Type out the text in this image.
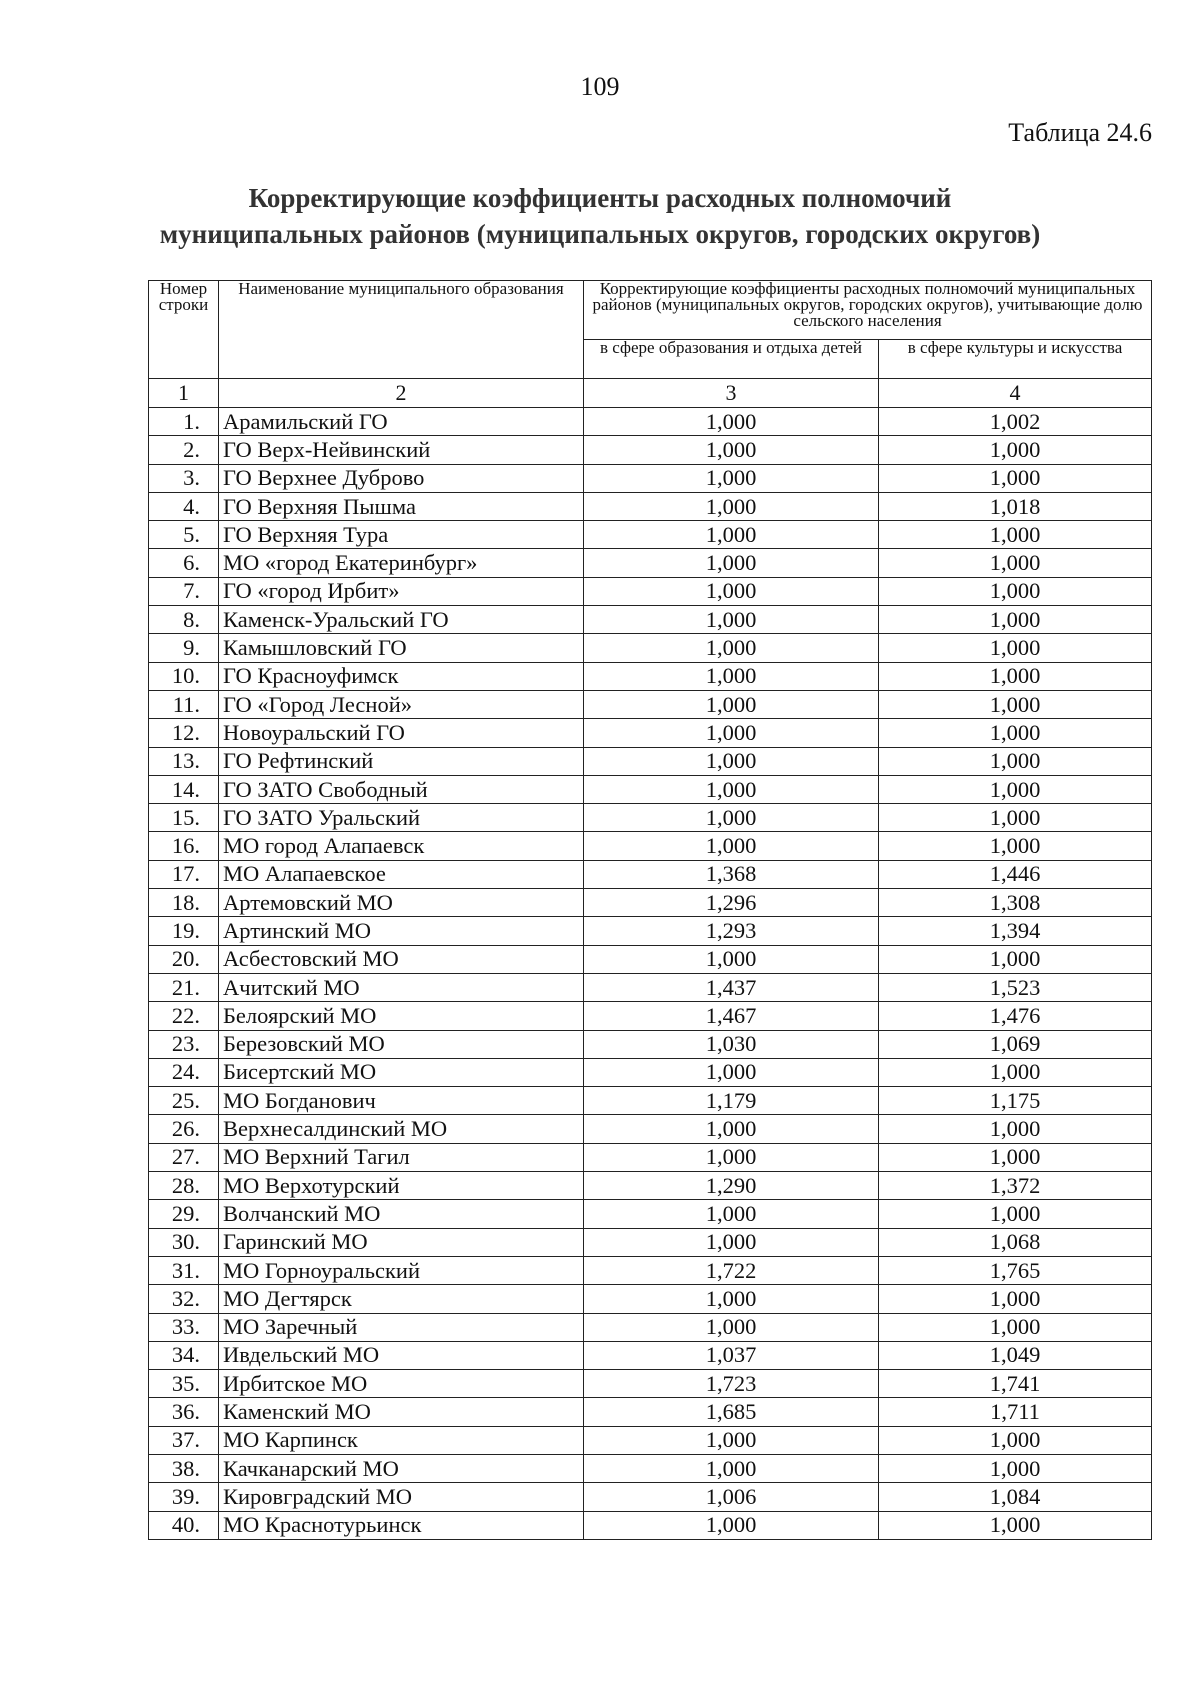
109
Таблица 24.6
Корректирующие коэффициенты расходных полномочий
муниципальных районов (муниципальных округов, городских округов)
Номер строки	Наименование муниципального образования	Корректирующие коэффициенты расходных полномочий муниципальных районов (муниципальных округов, городских округов), учитывающие долю сельского населения	
		в сфере образования и отдыха детей	в сфере культуры и искусства
1	2	3	4
1.	Арамильский ГО	1,000	1,002
2.	ГО Верх-Нейвинский	1,000	1,000
3.	ГО Верхнее Дуброво	1,000	1,000
4.	ГО Верхняя Пышма	1,000	1,018
5.	ГО Верхняя Тура	1,000	1,000
6.	МО «город Екатеринбург»	1,000	1,000
7.	ГО «город Ирбит»	1,000	1,000
8.	Каменск-Уральский ГО	1,000	1,000
9.	Камышловский ГО	1,000	1,000
10.	ГО Красноуфимск	1,000	1,000
11.	ГО «Город Лесной»	1,000	1,000
12.	Новоуральский ГО	1,000	1,000
13.	ГО Рефтинский	1,000	1,000
14.	ГО ЗАТО Свободный	1,000	1,000
15.	ГО ЗАТО Уральский	1,000	1,000
16.	МО город Алапаевск	1,000	1,000
17.	МО Алапаевское	1,368	1,446
18.	Артемовский МО	1,296	1,308
19.	Артинский МО	1,293	1,394
20.	Асбестовский МО	1,000	1,000
21.	Ачитский МО	1,437	1,523
22.	Белоярский МО	1,467	1,476
23.	Березовский МО	1,030	1,069
24.	Бисертский МО	1,000	1,000
25.	МО Богданович	1,179	1,175
26.	Верхнесалдинский МО	1,000	1,000
27.	МО Верхний Тагил	1,000	1,000
28.	МО Верхотурский	1,290	1,372
29.	Волчанский МО	1,000	1,000
30.	Гаринский МО	1,000	1,068
31.	МО Горноуральский	1,722	1,765
32.	МО Дегтярск	1,000	1,000
33.	МО Заречный	1,000	1,000
34.	Ивдельский МО	1,037	1,049
35.	Ирбитское МО	1,723	1,741
36.	Каменский МО	1,685	1,711
37.	МО Карпинск	1,000	1,000
38.	Качканарский МО	1,000	1,000
39.	Кировградский МО	1,006	1,084
40.	МО Краснотурьинск	1,000	1,000
